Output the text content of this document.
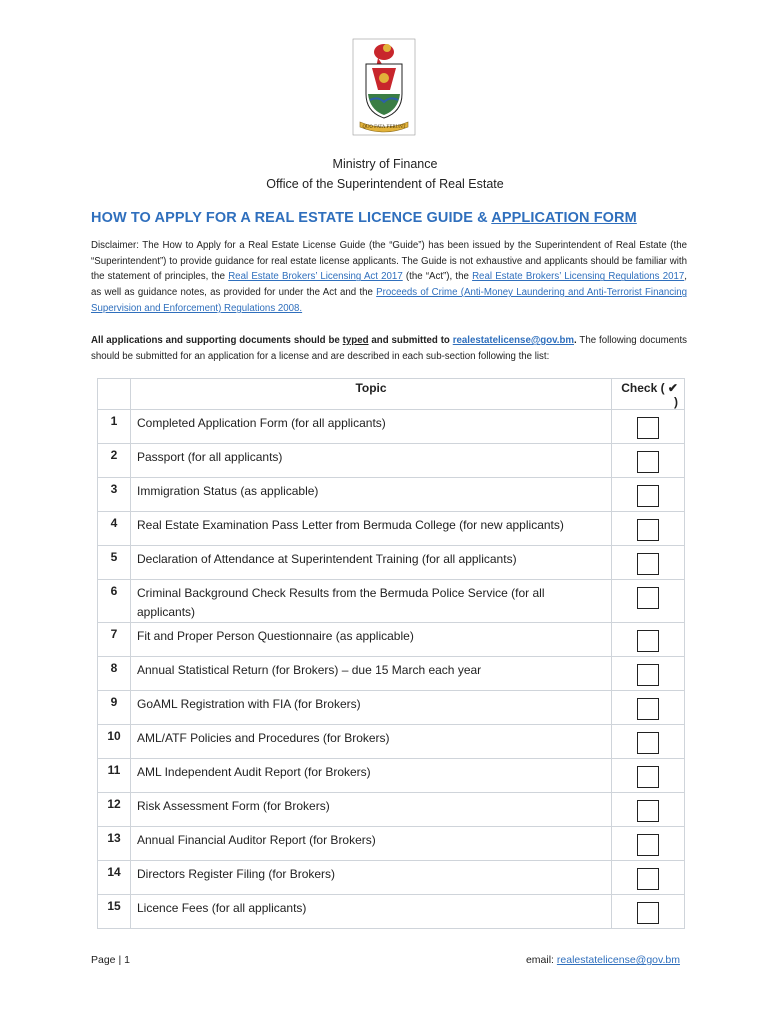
QUO FATA FERUNT
Ministry of Finance
Office of the Superintendent of Real Estate
HOW TO APPLY FOR A REAL ESTATE LICENCE GUIDE & APPLICATION FORM
Disclaimer: The How to Apply for a Real Estate License Guide (the “Guide”) has been issued by the Superintendent of Real Estate (the “Superintendent”) to provide guidance for real estate license applicants. The Guide is not exhaustive and applicants should be familiar with the statement of principles, the Real Estate Brokers’ Licensing Act 2017 (the “Act”), the Real Estate Brokers’ Licensing Regulations 2017, as well as guidance notes, as provided for under the Act and the Proceeds of Crime (Anti-Money Laundering and Anti-Terrorist Financing Supervision and Enforcement) Regulations 2008.
All applications and supporting documents should be typed and submitted to realestatelicense@gov.bm. The following documents should be submitted for an application for a license and are described in each sub-section following the list:
	Topic	Check ( ✔ )
1	Completed Application Form (for all applicants)	
2	Passport (for all applicants)	
3	Immigration Status (as applicable)	
4	Real Estate Examination Pass Letter from Bermuda College (for new applicants)	
5	Declaration of Attendance at Superintendent Training (for all applicants)	
6	Criminal Background Check Results from the Bermuda Police Service (for all applicants)	
7	Fit and Proper Person Questionnaire (as applicable)	
8	Annual Statistical Return (for Brokers) – due 15 March each year	
9	GoAML Registration with FIA (for Brokers)	
10	AML/ATF Policies and Procedures (for Brokers)	
11	AML Independent Audit Report (for Brokers)	
12	Risk Assessment Form (for Brokers)	
13	Annual Financial Auditor Report (for Brokers)	
14	Directors Register Filing (for Brokers)	
15	Licence Fees (for all applicants)	
Page | 1	email: realestatelicense@gov.bm
